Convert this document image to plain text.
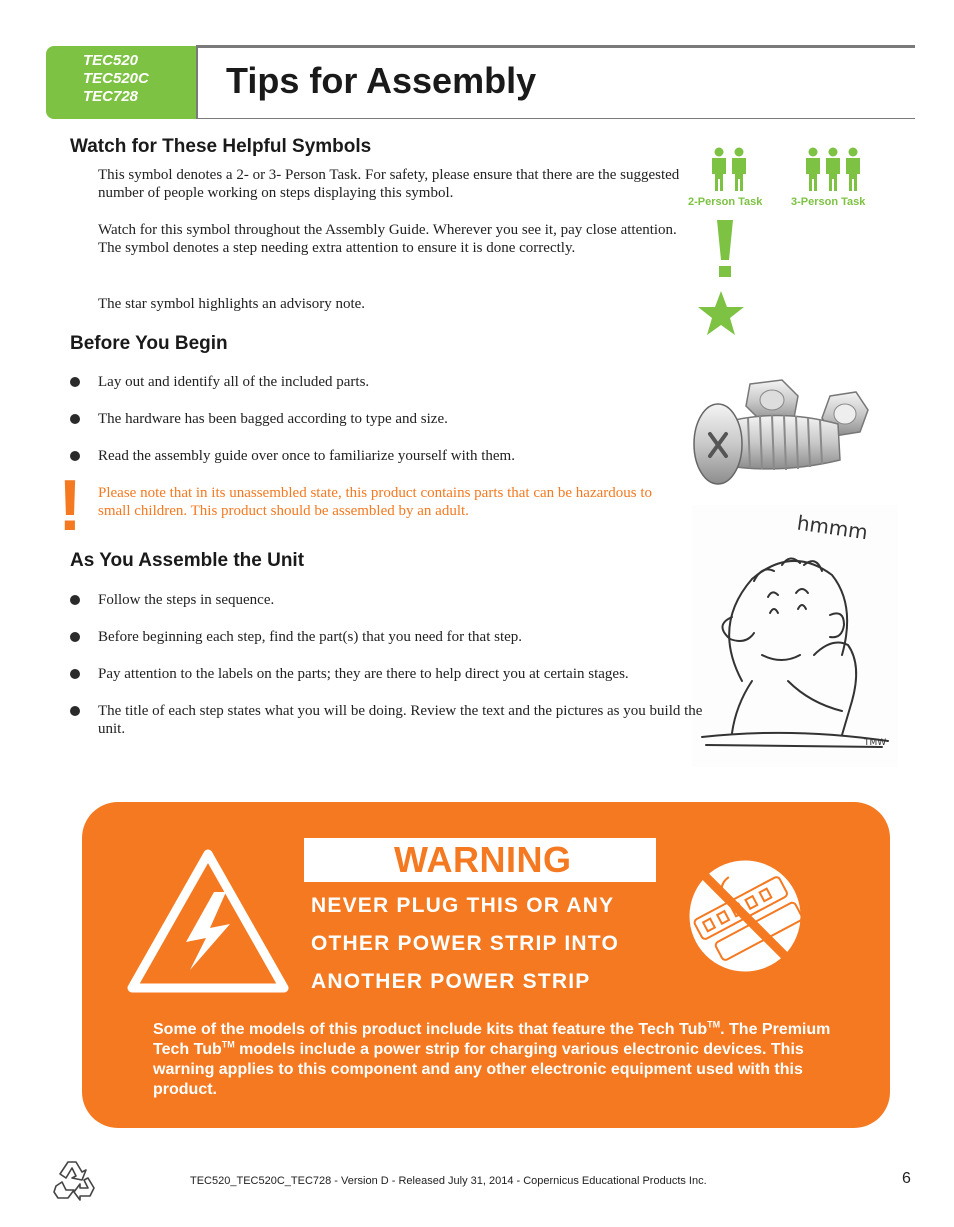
TEC520
TEC520C
TEC728	Tips for Assembly
Watch for These Helpful Symbols

This symbol denotes a 2- or 3- Person Task. For safety, please ensure that there are the suggested number of people working on steps displaying this symbol.

Watch for this symbol throughout the Assembly Guide. Wherever you see it, pay close attention. The symbol denotes a step needing extra attention to ensure it is done correctly.

The star symbol highlights an advisory note.

2-Person Task	3-Person Task
Before You Begin
Lay out and identify all of the included parts.
The hardware has been bagged according to type and size.
Read the assembly guide over once to familiarize yourself with them.
! Please note that in its unassembled state, this product contains parts that can be hazardous to small children. This product should be assembled by an adult.	hmmm
TMW
As You Assemble the Unit
Follow the steps in sequence.
Before beginning each step, find the part(s) that you need for that step.
Pay attention to the labels on the parts; they are there to help direct you at certain stages.
The title of each step states what you will be doing. Review the text and the pictures as you build the unit.
WARNING
NEVER PLUG THIS OR ANY
OTHER POWER STRIP INTO
ANOTHER POWER STRIP

Some of the models of this product include kits that feature the Tech Tub™. The Premium Tech Tub™ models include a power strip for charging various electronic devices. This warning applies to this component and any other electronic equipment used with this product.

TEC520_TEC520C_TEC728 - Version D - Released July 31, 2014 - Copernicus Educational Products Inc.	6
